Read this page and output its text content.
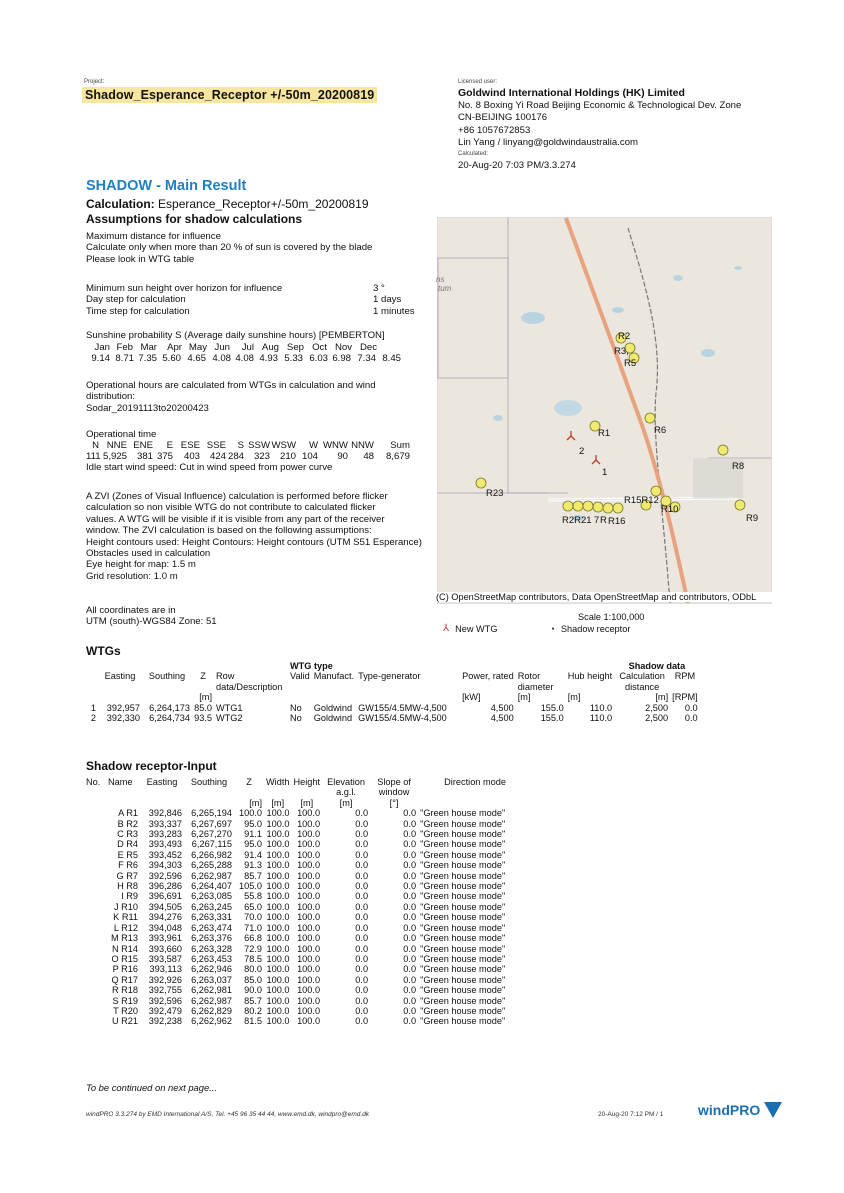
Project:
Shadow_Esperance_Receptor +/-50m_20200819
Licensed user:
Goldwind International Holdings (HK) Limited
No. 8 Boxing Yi Road Beijing Economic & Technological Dev. Zone
CN-BEIJING 100176
+86 1057672853
Lin Yang / linyang@goldwindaustralia.com
Calculated:
20-Aug-20 7:03 PM/3.3.274
SHADOW - Main Result
Calculation: Esperance_Receptor+/-50m_20200819
Assumptions for shadow calculations
Maximum distance for influence
Calculate only when more than 20 % of sun is covered by the blade
Please look in WTG table
Minimum sun height over horizon for influence	3 °
Day step for calculation	1 days
Time step for calculation	1 minutes
Sunshine probability S (Average daily sunshine hours) [PEMBERTON]
Jan Feb Mar	Apr May Jun	Jul Aug Sep Oct Nov Dec
9.14 8.71 7.35 5.60 4.65 4.08 4.08 4.93 5.33 6.03 6.98 7.34 8.45
Operational hours are calculated from WTGs in calculation and wind
distribution:
Sodar_20191113to20200423
Operational time
N NNE ENE	E ESE SSE	S SSW WSW	W WNW NNW	Sum
111 5,925	381 375	403	424 284	323	210 104	90	48	8,679
Idle start wind speed: Cut in wind speed from power curve
A ZVI (Zones of Visual Influence) calculation is performed before flicker
calculation so non visible WTG do not contribute to calculated flicker
values. A WTG will be visible if it is visible from any part of the receiver
window. The ZVI calculation is based on the following assumptions:
Height contours used: Height Contours: Height contours (UTM S51 Esperance)
Obstacles used in calculation
Eye height for map: 1.5 m
Grid resolution: 1.0 m
All coordinates are in
UTM (south)-WGS84 Zone: 51
R2
R3,
R5
R1	R6
2
1
R8
R23
R15R12
R10
R2R21 7 R R16	R9
ns
tum
(C) OpenStreetMap contributors, Data OpenStreetMap and contributors, ODbL
Scale 1:100,000
⅄ New WTG	◔ Shadow receptor
WTGs
					WTG type						Shadow data	
	Easting	Southing	Z	Row data/Description	Valid	Manufact.	Type-generator	Power, rated	Rotor diameter	Hub height	Calculation distance	RPM
			[m]					[kW]	[m]	[m]	[m]	[RPM]
1	392,957	6,264,173	85.0	WTG1	No	Goldwind	GW155/4.5MW-4,500	4,500	155.0	110.0	2,500	0.0
2	392,330	6,264,734	93.5	WTG2	No	Goldwind	GW155/4.5MW-4,500	4,500	155.0	110.0	2,500	0.0
Shadow receptor-Input
No.	Name	Easting	Southing	Z	Width	Height	Elevation a.g.l.	Slope of window	Direction mode
				[m]	[m]	[m]	[m]	[°]	
A R1		392,846	6,265,194	100.0	100.0	100.0	0.0	0.0	"Green house mode"
B R2		393,337	6,267,697	95.0	100.0	100.0	0.0	0.0	"Green house mode"
C R3		393,283	6,267,270	91.1	100.0	100.0	0.0	0.0	"Green house mode"
D R4		393,493	6,267,115	95.0	100.0	100.0	0.0	0.0	"Green house mode"
E R5		393,452	6,266,982	91.4	100.0	100.0	0.0	0.0	"Green house mode"
F R6		394,303	6,265,288	91.3	100.0	100.0	0.0	0.0	"Green house mode"
G R7		392,596	6,262,987	85.7	100.0	100.0	0.0	0.0	"Green house mode"
H R8		396,286	6,264,407	105.0	100.0	100.0	0.0	0.0	"Green house mode"
I R9		396,691	6,263,085	55.8	100.0	100.0	0.0	0.0	"Green house mode"
J R10		394,505	6,263,245	65.0	100.0	100.0	0.0	0.0	"Green house mode"
K R11		394,276	6,263,331	70.0	100.0	100.0	0.0	0.0	"Green house mode"
L R12		394,048	6,263,474	71.0	100.0	100.0	0.0	0.0	"Green house mode"
M R13		393,961	6,263,376	66.8	100.0	100.0	0.0	0.0	"Green house mode"
N R14		393,660	6,263,328	72.9	100.0	100.0	0.0	0.0	"Green house mode"
O R15		393,587	6,263,453	78.5	100.0	100.0	0.0	0.0	"Green house mode"
P R16		393,113	6,262,946	80.0	100.0	100.0	0.0	0.0	"Green house mode"
Q R17		392,926	6,263,037	85.0	100.0	100.0	0.0	0.0	"Green house mode"
R R18		392,755	6,262,981	90.0	100.0	100.0	0.0	0.0	"Green house mode"
S R19		392,596	6,262,987	85.7	100.0	100.0	0.0	0.0	"Green house mode"
T R20		392,479	6,262,829	80.2	100.0	100.0	0.0	0.0	"Green house mode"
U R21		392,238	6,262,962	81.5	100.0	100.0	0.0	0.0	"Green house mode"
To be continued on next page...
windPRO 3.3.274 by EMD International A/S, Tel. +45 96 35 44 44, www.emd.dk, windpro@emd.dk	20-Aug-20 7:12 PM / 1 windPRO
